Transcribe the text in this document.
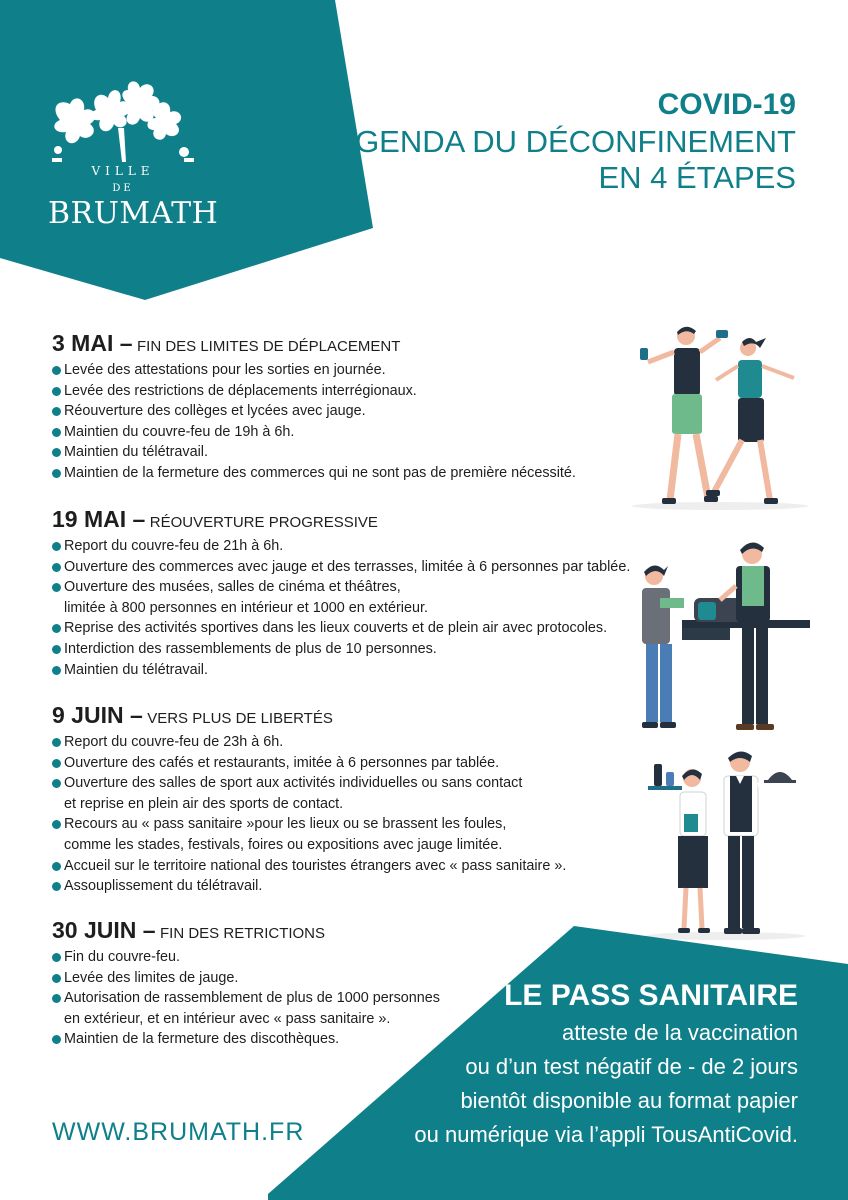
VILLE
DE
BRUMATH
COVID-19
AGENDA DU DÉCONFINEMENT
EN 4 ÉTAPES
3 MAI – FIN DES LIMITES DE DÉPLACEMENT
Levée des attestations pour les sorties en journée.
Levée des restrictions de déplacements interrégionaux.
Réouverture des collèges et lycées avec jauge.
Maintien du couvre-feu de 19h à 6h.
Maintien du télétravail.
Maintien de la fermeture des commerces qui ne sont pas de première nécessité.
19 MAI – RÉOUVERTURE PROGRESSIVE
Report du couvre-feu de 21h à 6h.
Ouverture des commerces avec jauge et des terrasses, limitée à 6 personnes par tablée.
Ouverture des musées, salles de cinéma et théâtres,
limitée à 800 personnes en intérieur et 1000 en extérieur.
Reprise des activités sportives dans les lieux couverts et de plein air avec protocoles.
Interdiction des rassemblements de plus de 10 personnes.
Maintien du télétravail.
9 JUIN – VERS PLUS DE LIBERTÉS
Report du couvre-feu de 23h à 6h.
Ouverture des cafés et restaurants, imitée à 6 personnes par tablée.
Ouverture des salles de sport aux activités individuelles ou sans contact
et reprise en plein air des sports de contact.
Recours au « pass sanitaire »pour les lieux ou se brassent les foules,
comme les stades, festivals, foires ou expositions avec jauge limitée.
Accueil sur le territoire national des touristes étrangers avec « pass sanitaire ».
Assouplissement du télétravail.
30 JUIN – FIN DES RETRICTIONS
Fin du couvre-feu.
Levée des limites de jauge.
Autorisation de rassemblement de plus de 1000 personnes
en extérieur, et en intérieur avec « pass sanitaire ».
Maintien de la fermeture des discothèques.
LE PASS SANITAIRE
atteste de la vaccination
ou d’un test négatif de - de 2 jours
bientôt disponible au format papier
ou numérique via l’appli TousAntiCovid.
WWW.BRUMATH.FR
